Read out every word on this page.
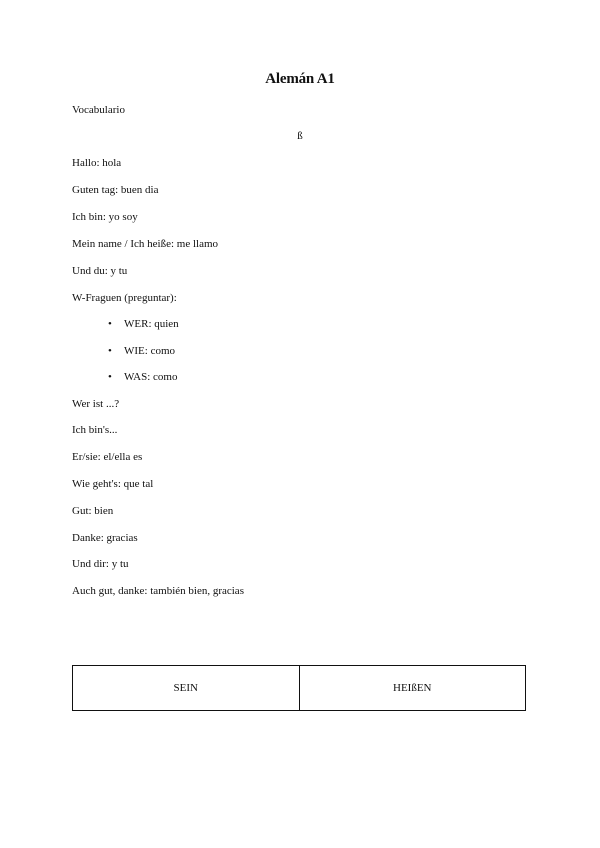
Alemán A1
Vocabulario
ß
Hallo: hola
Guten tag: buen dia
Ich bin: yo soy
Mein name / Ich heiße: me llamo
Und du: y tu
W-Fraguen (preguntar):
• WER: quien
• WIE: como
• WAS: como
Wer ist ...?
Ich bin's...
Er/sie: el/ella es
Wie geht's: que tal
Gut: bien
Danke: gracias
Und dir: y tu
Auch gut, danke: también bien, gracias
SEIN	HEIßEN
